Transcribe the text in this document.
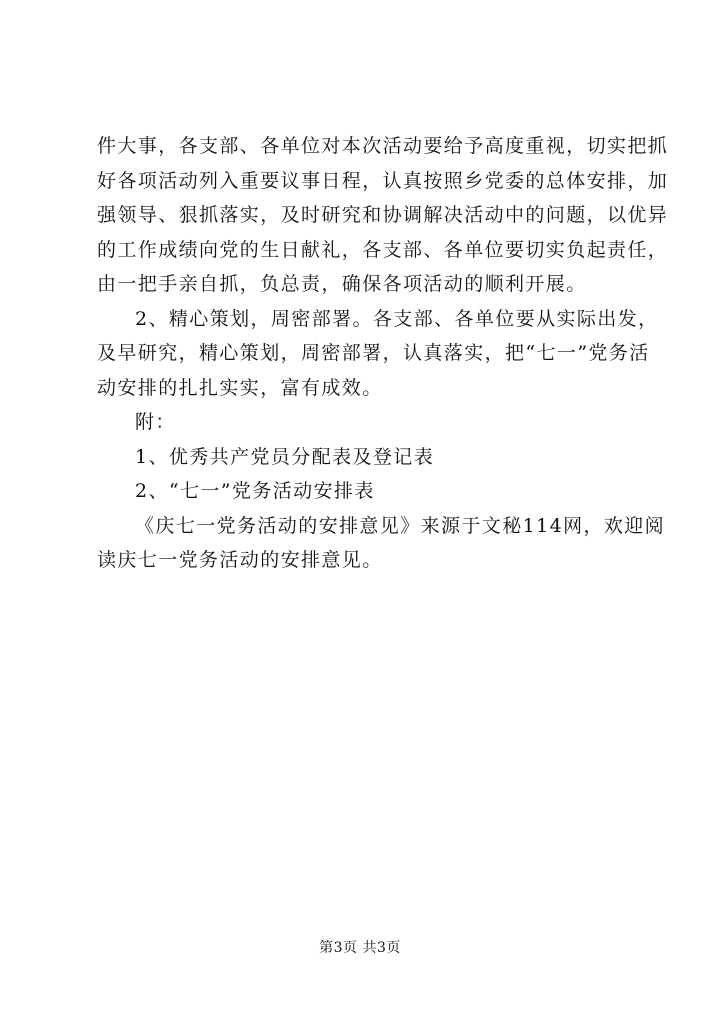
件大事，各支部、各单位对本次活动要给予高度重视，切实把抓
好各项活动列入重要议事日程，认真按照乡党委的总体安排，加
强领导、狠抓落实，及时研究和协调解决活动中的问题，以优异
的工作成绩向党的生日献礼，各支部、各单位要切实负起责任，
由一把手亲自抓，负总责，确保各项活动的顺利开展。
2、精心策划，周密部署。各支部、各单位要从实际出发，
及早研究，精心策划，周密部署，认真落实，把“七一”党务活
动安排的扎扎实实，富有成效。
附：
1、优秀共产党员分配表及登记表
2、“七一”党务活动安排表
《庆七一党务活动的安排意见》来源于文秘114网，欢迎阅
读庆七一党务活动的安排意见。
第3页 共3页
